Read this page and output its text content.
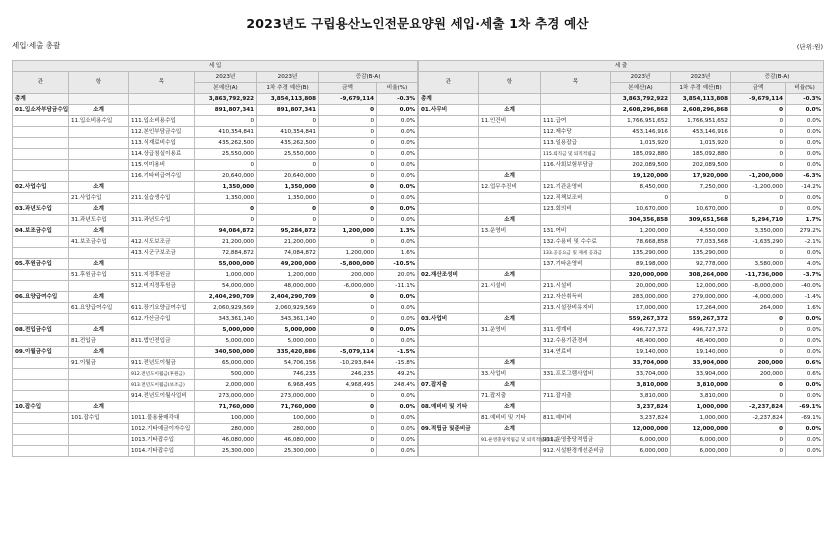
2023년도 구립용산노인전문요양원 세입·세출 1차 추경 예산
세입·세출 총괄	(단위:원)
세 입						
관	항	목	2023년	2023년	증감(B-A)	
			본예산(A)	1차 추경 예산(B)	금액	비율(%)
총계			3,863,792,922	3,854,113,808	-9,679,114	-0.3%
01.입소자부담금수입	소계		891,807,341	891,807,341	0	0.0%
	11.입소비용수입	111.입소비용수입	0	0	0	0.0%
		112.본인부담금수입	410,354,841	410,354,841	0	0.0%
		113.식재료비수입	435,262,500	435,262,500	0	0.0%
		114.상급침실이용료	25,550,000	25,550,000	0	0.0%
		115.이미용비	0	0	0	0.0%
		116.기타비급여수입	20,640,000	20,640,000	0	0.0%
02.사업수입	소계		1,350,000	1,350,000	0	0.0%
	21.사업수입	211.실습생수입	1,350,000	1,350,000	0	0.0%
03.과년도수입	소계		0	0	0	0.0%
	31.과년도수입	311.과년도수입	0	0	0	0.0%
04.보조금수입	소계		94,084,872	95,284,872	1,200,000	1.3%
	41.보조금수입	412.시도보조금	21,200,000	21,200,000	0	0.0%
		413.시군구보조금	72,884,872	74,084,872	1,200,000	1.6%
05.후원금수입	소계		55,000,000	49,200,000	-5,800,000	-10.5%
	51.후원금수입	511.지정후원금	1,000,000	1,200,000	200,000	20.0%
		512.비지정후원금	54,000,000	48,000,000	-6,000,000	-11.1%
06.요양급여수입	소계		2,404,290,709	2,404,290,709	0	0.0%
	61.요양급여수입	611.장기요양급여수입	2,060,929,569	2,060,929,569	0	0.0%
		612.가산금수입	343,361,140	343,361,140	0	0.0%
08.전입금수입	소계		5,000,000	5,000,000	0	0.0%
	81.전입금	811.법인전입금	5,000,000	5,000,000	0	0.0%
09.이월금수입	소계		340,500,000	335,420,886	-5,079,114	-1.5%
	91.이월금	911.전년도이월금	65,000,000	54,706,156	-10,293,844	-15.8%
		912.전년도이월금(후원금)	500,000	746,235	246,235	49.2%
		913.전년도이월금(보조금)	2,000,000	6,968,495	4,968,495	248.4%
		914.전년도이월사업비	273,000,000	273,000,000	0	0.0%
10.잡수입	소계		71,760,000	71,760,000	0	0.0%
	101.잡수입	1011.불용품매각대	100,000	100,000	0	0.0%
		1012.기타예금이자수입	280,000	280,000	0	0.0%
		1013.기타잡수입	46,080,000	46,080,000	0	0.0%
		1014.기타잡수입	25,300,000	25,300,000	0	0.0%
세 출						
관	항	목	2023년	2023년	증감(B-A)	
			본예산(A)	1차 추경 예산(B)	금액	비율(%)
총계			3,863,792,922	3,854,113,808	-9,679,114	-0.3%
01.사무비	소계		2,608,296,868	2,608,296,868	0	0.0%
	11.인건비	111.급여	1,766,951,652	1,766,951,652	0	0.0%
		112.제수당	453,146,916	453,146,916	0	0.0%
		113.일용잡급	1,015,920	1,015,920	0	0.0%
		115.퇴직금 및 퇴직적립금	185,092,880	185,092,880	0	0.0%
		116.사회보험부담금	202,089,500	202,089,500	0	0.0%
	소계		19,120,000	17,920,000	-1,200,000	-6.3%
	12.업무추진비	121.기관운영비	8,450,000	7,250,000	-1,200,000	-14.2%
		122.직책보조비	0	0	0	0.0%
		123.회의비	10,670,000	10,670,000	0	0.0%
	소계		304,356,858	309,651,568	5,294,710	1.7%
	13.운영비	131.여비	1,200,000	4,550,000	3,350,000	279.2%
		132.수용비 및 수수료	78,668,858	77,033,568	-1,635,290	-2.1%
		133.공공요금 및 제세 공과금	135,290,000	135,290,000	0	0.0%
		137.기타운영비	89,198,000	92,778,000	3,580,000	4.0%
02.재산조성비	소계		320,000,000	308,264,000	-11,736,000	-3.7%
	21.시설비	211.시설비	20,000,000	12,000,000	-8,000,000	-40.0%
		212.자산취득비	283,000,000	279,000,000	-4,000,000	-1.4%
		213.시설장비유지비	17,000,000	17,264,000	264,000	1.6%
03.사업비	소계		559,267,372	559,267,372	0	0.0%
	31.운영비	311.생계비	496,727,372	496,727,372	0	0.0%
		312.수용기관경비	48,400,000	48,400,000	0	0.0%
		314.연료비	19,140,000	19,140,000	0	0.0%
	소계		33,704,000	33,904,000	200,000	0.6%
	33.사업비	331.프로그램사업비	33,704,000	33,904,000	200,000	0.6%
07.잡지출	소계		3,810,000	3,810,000	0	0.0%
	71.잡지출	711.잡지출	3,810,000	3,810,000	0	0.0%
08.예비비 및 기타	소계		3,237,824	1,000,000	-2,237,824	-69.1%
	81.예비비 및 기타	811.예비비	3,237,824	1,000,000	-2,237,824	-69.1%
09.적립금 및준비금	소계		12,000,000	12,000,000	0	0.0%
	91.운영충당적립금 및 퇴직적립준비금	911.운영충당적립금	6,000,000	6,000,000	0	0.0%
		912.시설환경개선준비금	6,000,000	6,000,000	0	0.0%
